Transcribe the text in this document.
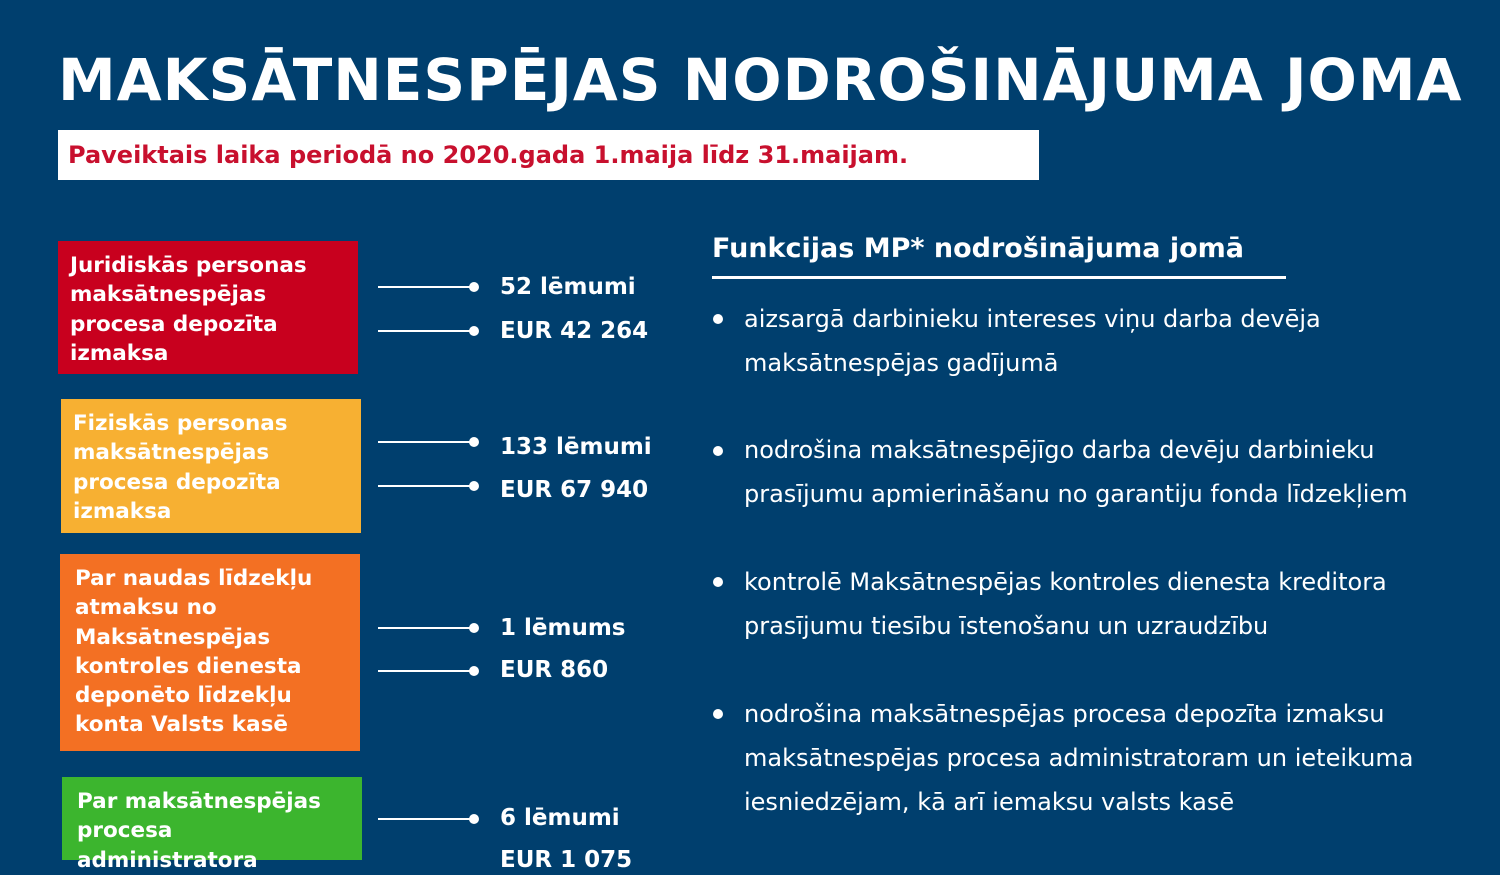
MAKSĀTNESPĒJAS NODROŠINĀJUMA JOMA
Paveiktais laika periodā no 2020.gada 1.maija līdz 31.maijam.
Juridiskās personas maksātnespējas procesa depozīta izmaksa
52 lēmumi
EUR 42 264
Fiziskās personas maksātnespējas procesa depozīta izmaksa
133 lēmumi
EUR 67 940
Par naudas līdzekļu atmaksu no Maksātnespējas kontroles dienesta deponēto līdzekļu konta Valsts kasē
1 lēmums
EUR 860
Par maksātnespējas procesa administratora
6 lēmumi
EUR 1 075
Funkcijas MP* nodrošinājuma jomā
aizsargā darbinieku intereses viņu darba devēja maksātnespējas gadījumā
nodrošina maksātnespējīgo darba devēju darbinieku prasījumu apmierināšanu no garantiju fonda līdzekļiem
kontrolē Maksātnespējas kontroles dienesta kreditora prasījumu tiesību īstenošanu un uzraudzību
nodrošina maksātnespējas procesa depozīta izmaksu maksātnespējas procesa administratoram un ieteikuma iesniedzējam, kā arī iemaksu valsts kasē
